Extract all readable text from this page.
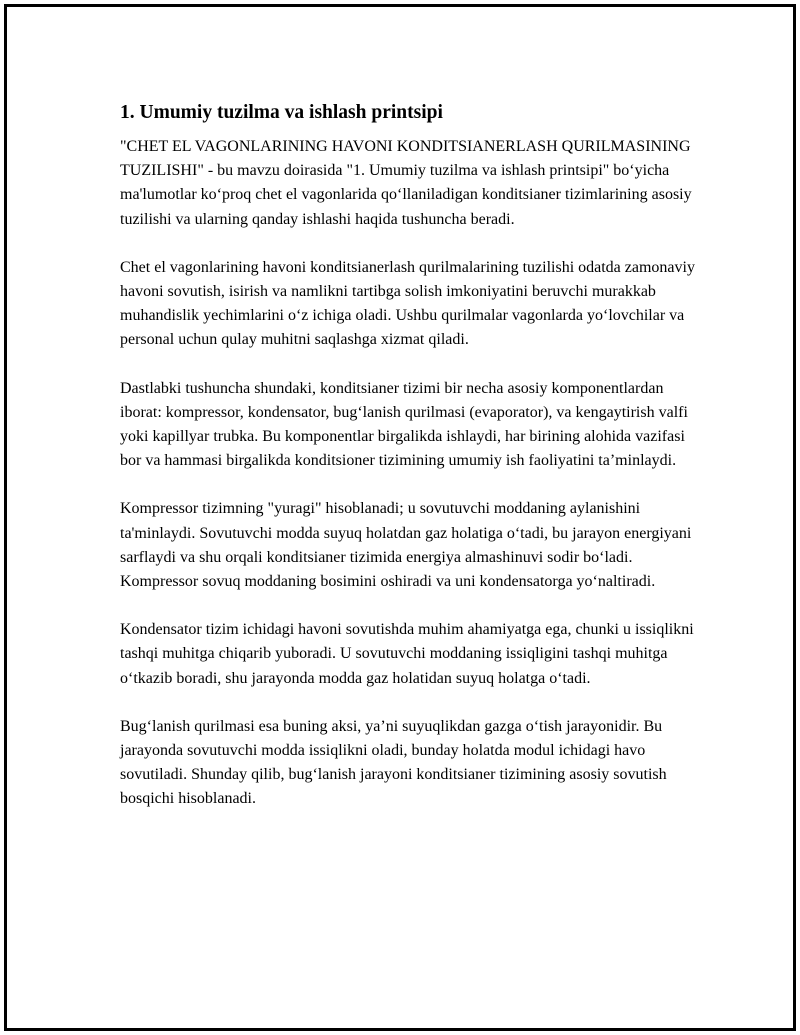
1. Umumiy tuzilma va ishlash printsipi

"CHET EL VAGONLARINING HAVONI KONDITSIANERLASH QURILMASINING TUZILISHI" - bu mavzu doirasida "1. Umumiy tuzilma va ishlash printsipi" bo‘yicha ma'lumotlar ko‘proq chet el vagonlarida qo‘llaniladigan konditsianer tizimlarining asosiy tuzilishi va ularning qanday ishlashi haqida tushuncha beradi.

Chet el vagonlarining havoni konditsianerlash qurilmalarining tuzilishi odatda zamonaviy havoni sovutish, isirish va namlikni tartibga solish imkoniyatini beruvchi murakkab muhandislik yechimlarini o‘z ichiga oladi. Ushbu qurilmalar vagonlarda yo‘lovchilar va personal uchun qulay muhitni saqlashga xizmat qiladi.

Dastlabki tushuncha shundaki, konditsianer tizimi bir necha asosiy komponentlardan iborat: kompressor, kondensator, bug‘lanish qurilmasi (evaporator), va kengaytirish valfi yoki kapillyar trubka. Bu komponentlar birgalikda ishlaydi, har birining alohida vazifasi bor va hammasi birgalikda konditsioner tizimining umumiy ish faoliyatini ta’minlaydi.

Kompressor tizimning "yuragi" hisoblanadi; u sovutuvchi moddaning aylanishini ta'minlaydi. Sovutuvchi modda suyuq holatdan gaz holatiga o‘tadi, bu jarayon energiyani sarflaydi va shu orqali konditsianer tizimida energiya almashinuvi sodir bo‘ladi. Kompressor sovuq moddaning bosimini oshiradi va uni kondensatorga yo‘naltiradi.

Kondensator tizim ichidagi havoni sovutishda muhim ahamiyatga ega, chunki u issiqlikni tashqi muhitga chiqarib yuboradi. U sovutuvchi moddaning issiqligini tashqi muhitga o‘tkazib boradi, shu jarayonda modda gaz holatidan suyuq holatga o‘tadi.

Bug‘lanish qurilmasi esa buning aksi, ya’ni suyuqlikdan gazga o‘tish jarayonidir. Bu jarayonda sovutuvchi modda issiqlikni oladi, bunday holatda modul ichidagi havo sovutiladi. Shunday qilib, bug‘lanish jarayoni konditsianer tizimining asosiy sovutish bosqichi hisoblanadi.
